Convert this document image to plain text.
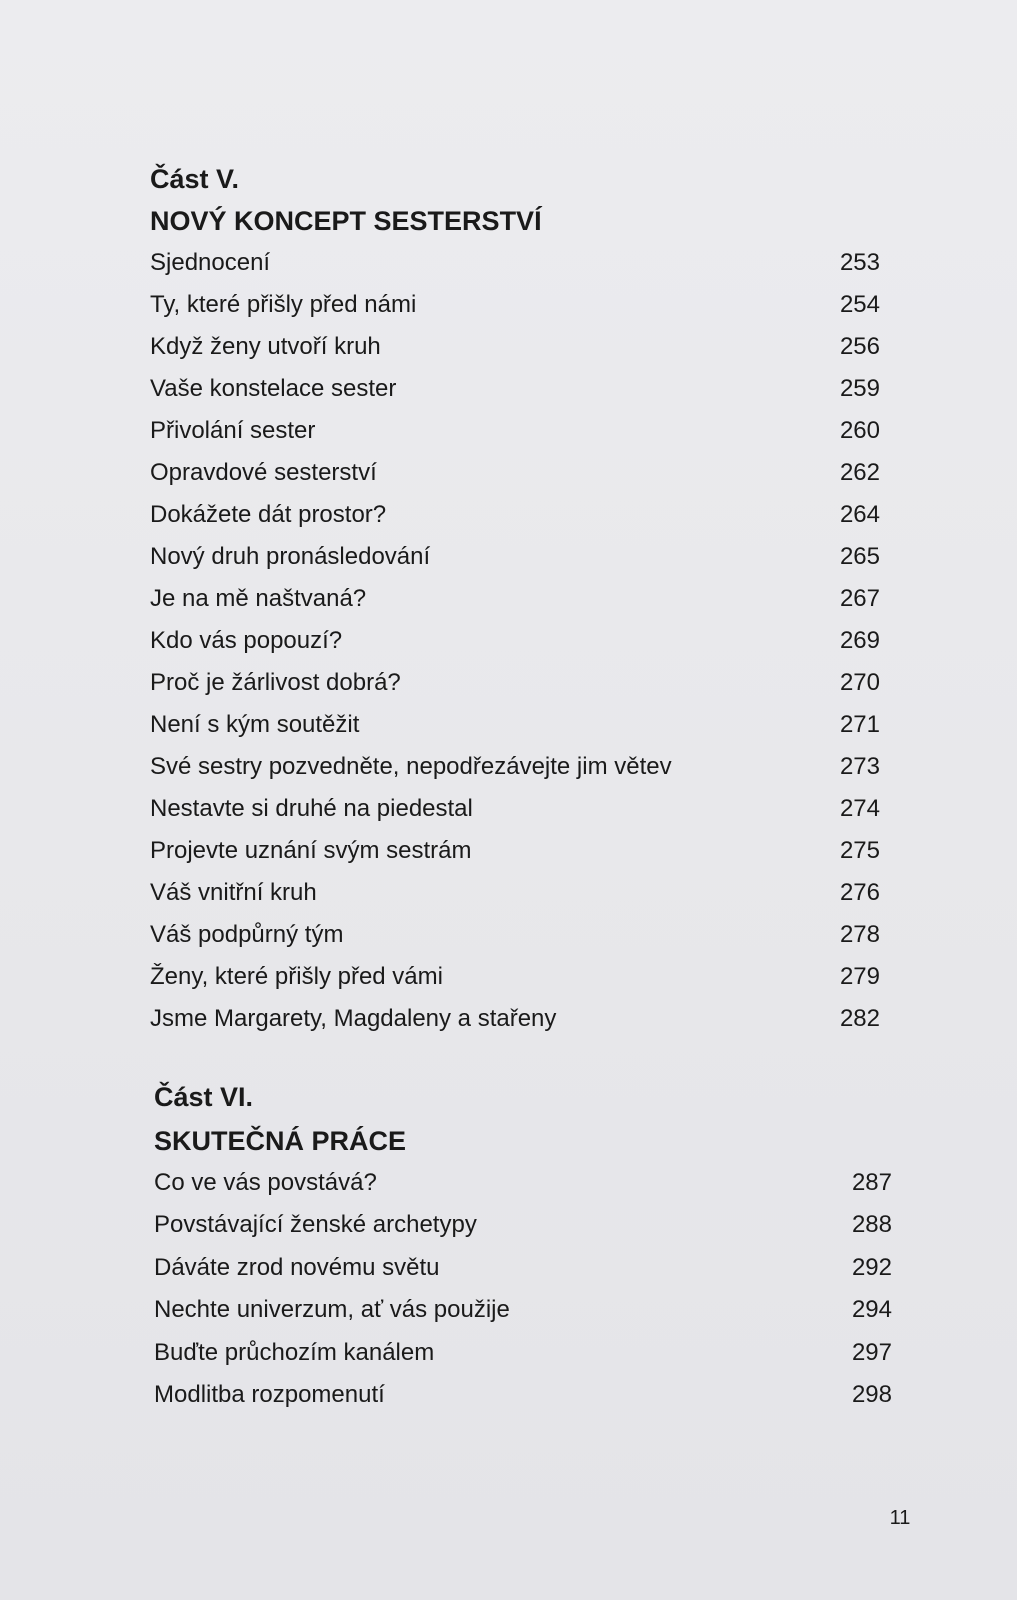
11
Část V.
NOVÝ KONCEPT SESTERSTVÍ
Sjednocení	253
Ty, které přišly před námi	254
Když ženy utvoří kruh	256
Vaše konstelace sester	259
Přivolání sester	260
Opravdové sesterství	262
Dokážete dát prostor?	264
Nový druh pronásledování	265
Je na mě naštvaná?	267
Kdo vás popouzí?	269
Proč je žárlivost dobrá?	270
Není s kým soutěžit	271
Své sestry pozvedněte, nepodřezávejte jim větev	273
Nestavte si druhé na piedestal	274
Projevte uznání svým sestrám	275
Váš vnitřní kruh	276
Váš podpůrný tým	278
Ženy, které přišly před vámi	279
Jsme Margarety, Magdaleny a stařeny	282
Část VI.
SKUTEČNÁ PRÁCE
Co ve vás povstává?	287
Povstávající ženské archetypy	288
Dáváte zrod novému světu	292
Nechte univerzum, ať vás použije	294
Buďte průchozím kanálem	297
Modlitba rozpomenutí	298
